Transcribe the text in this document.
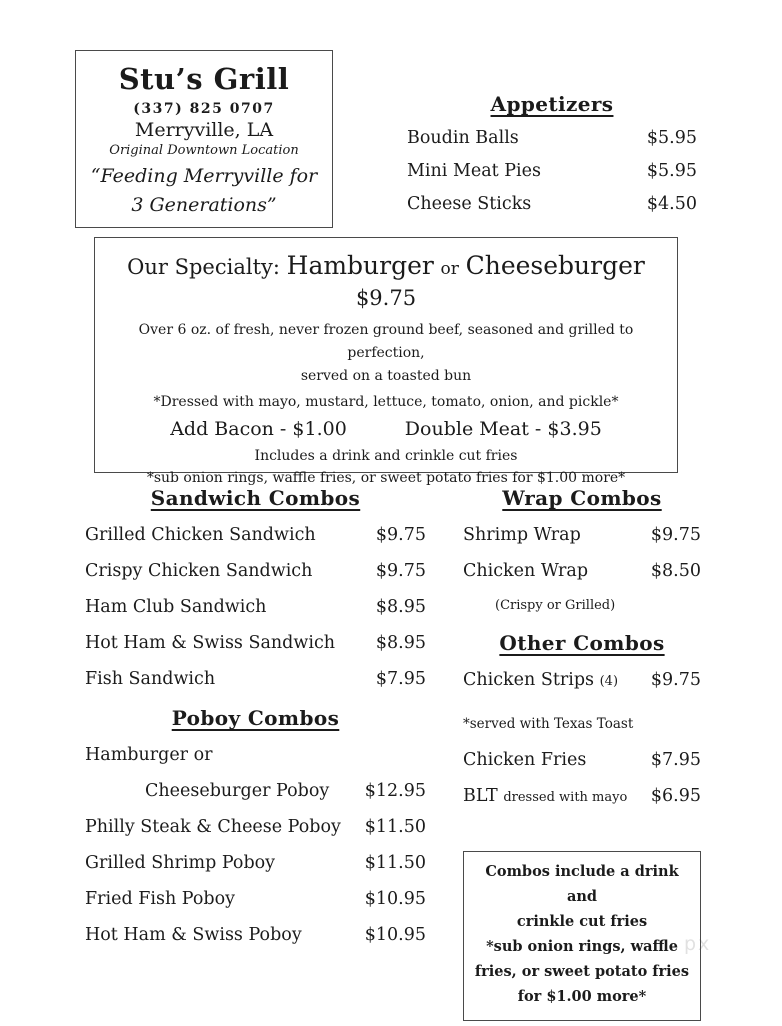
Stu’s Grill
(337) 825 0707
Merryville, LA
Original Downtown Location
“Feeding Merryville for
3 Generations”
Appetizers
Boudin Balls	$5.95
Mini Meat Pies	$5.95
Cheese Sticks	$4.50
Our Specialty: Hamburger or Cheeseburger
$9.75
Over 6 oz. of fresh, never frozen ground beef, seasoned and grilled to perfection,
served on a toasted bun
*Dressed with mayo, mustard, lettuce, tomato, onion, and pickle*
Add Bacon - $1.00	Double Meat - $3.95
Includes a drink and crinkle cut fries
*sub onion rings, waffle fries, or sweet potato fries for $1.00 more*
Sandwich Combos
Grilled Chicken Sandwich	$9.75
Crispy Chicken Sandwich	$9.75
Ham Club Sandwich	$8.95
Hot Ham & Swiss Sandwich $8.95
Fish Sandwich	$7.95
Poboy Combos
Hamburger or
Cheeseburger Poboy $12.95
Philly Steak & Cheese Poboy $11.50
Grilled Shrimp Poboy	$11.50
Fried Fish Poboy	$10.95
Hot Ham & Swiss Poboy	$10.95
Wrap Combos
Shrimp Wrap	$9.75
Chicken Wrap	$8.50
(Crispy or Grilled)
Other Combos
Chicken Strips (4) $9.75
*served with Texas Toast
Chicken Fries	$7.95
BLT dressed with mayo $6.95
Combos include a drink and
crinkle cut fries
*sub onion rings, waffle
fries, or sweet potato fries
for $1.00 more*
px
